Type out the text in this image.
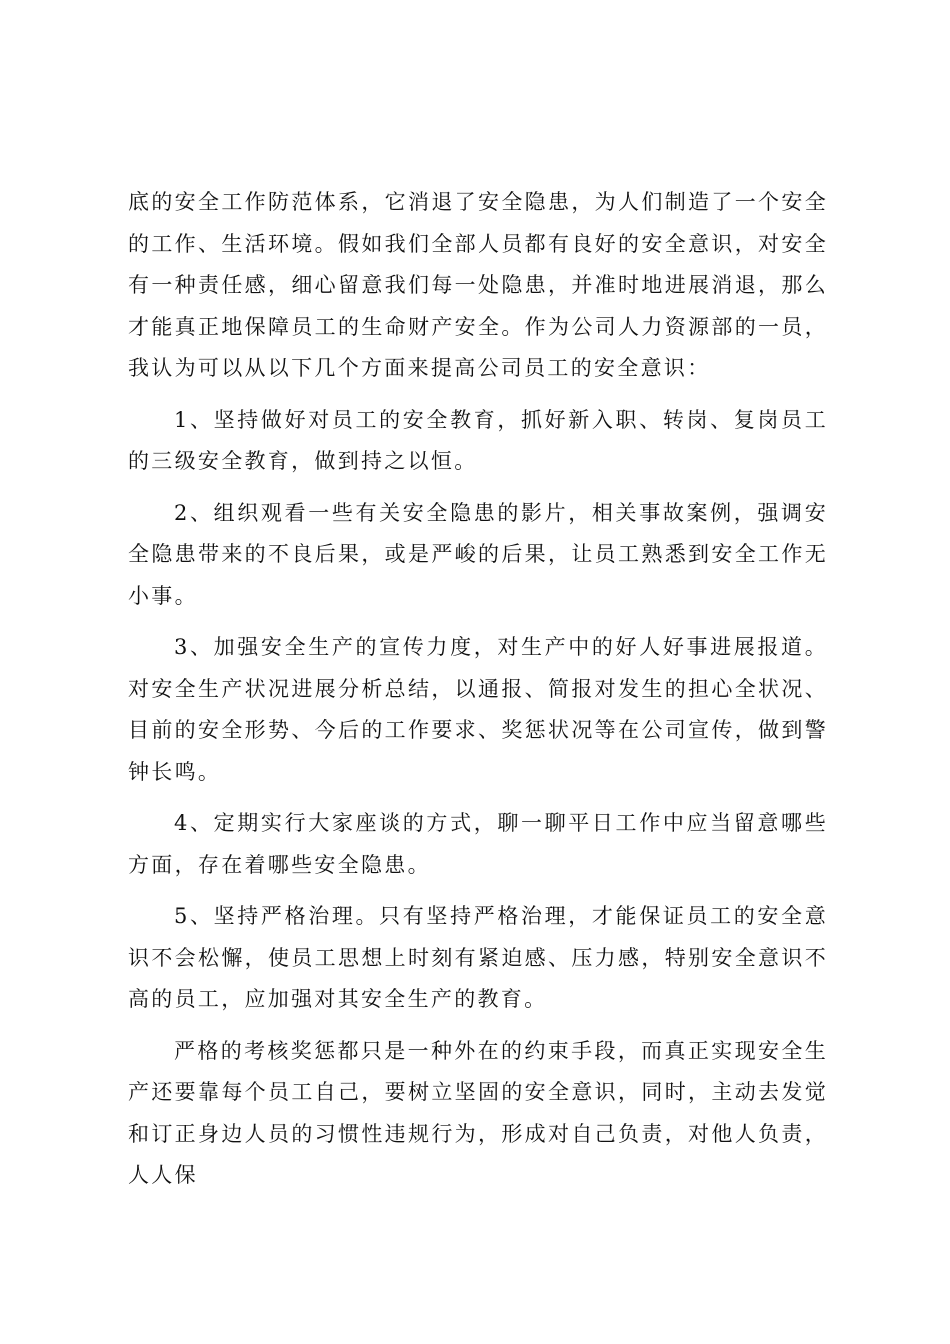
底的安全工作防范体系，它消退了安全隐患，为人们制造了一个安全的工作、生活环境。假如我们全部人员都有良好的安全意识，对安全有一种责任感，细心留意我们每一处隐患，并准时地进展消退，那么才能真正地保障员工的生命财产安全。作为公司人力资源部的一员，我认为可以从以下几个方面来提高公司员工的安全意识：

1、坚持做好对员工的安全教育，抓好新入职、转岗、复岗员工的三级安全教育，做到持之以恒。

2、组织观看一些有关安全隐患的影片，相关事故案例，强调安全隐患带来的不良后果，或是严峻的后果，让员工熟悉到安全工作无小事。

3、加强安全生产的宣传力度，对生产中的好人好事进展报道。对安全生产状况进展分析总结，以通报、简报对发生的担心全状况、目前的安全形势、今后的工作要求、奖惩状况等在公司宣传，做到警钟长鸣。

4、定期实行大家座谈的方式，聊一聊平日工作中应当留意哪些方面，存在着哪些安全隐患。

5、坚持严格治理。只有坚持严格治理，才能保证员工的安全意识不会松懈，使员工思想上时刻有紧迫感、压力感，特别安全意识不高的员工，应加强对其安全生产的教育。

严格的考核奖惩都只是一种外在的约束手段，而真正实现安全生产还要靠每个员工自己，要树立坚固的安全意识，同时，主动去发觉和订正身边人员的习惯性违规行为，形成对自己负责，对他人负责，人人保
